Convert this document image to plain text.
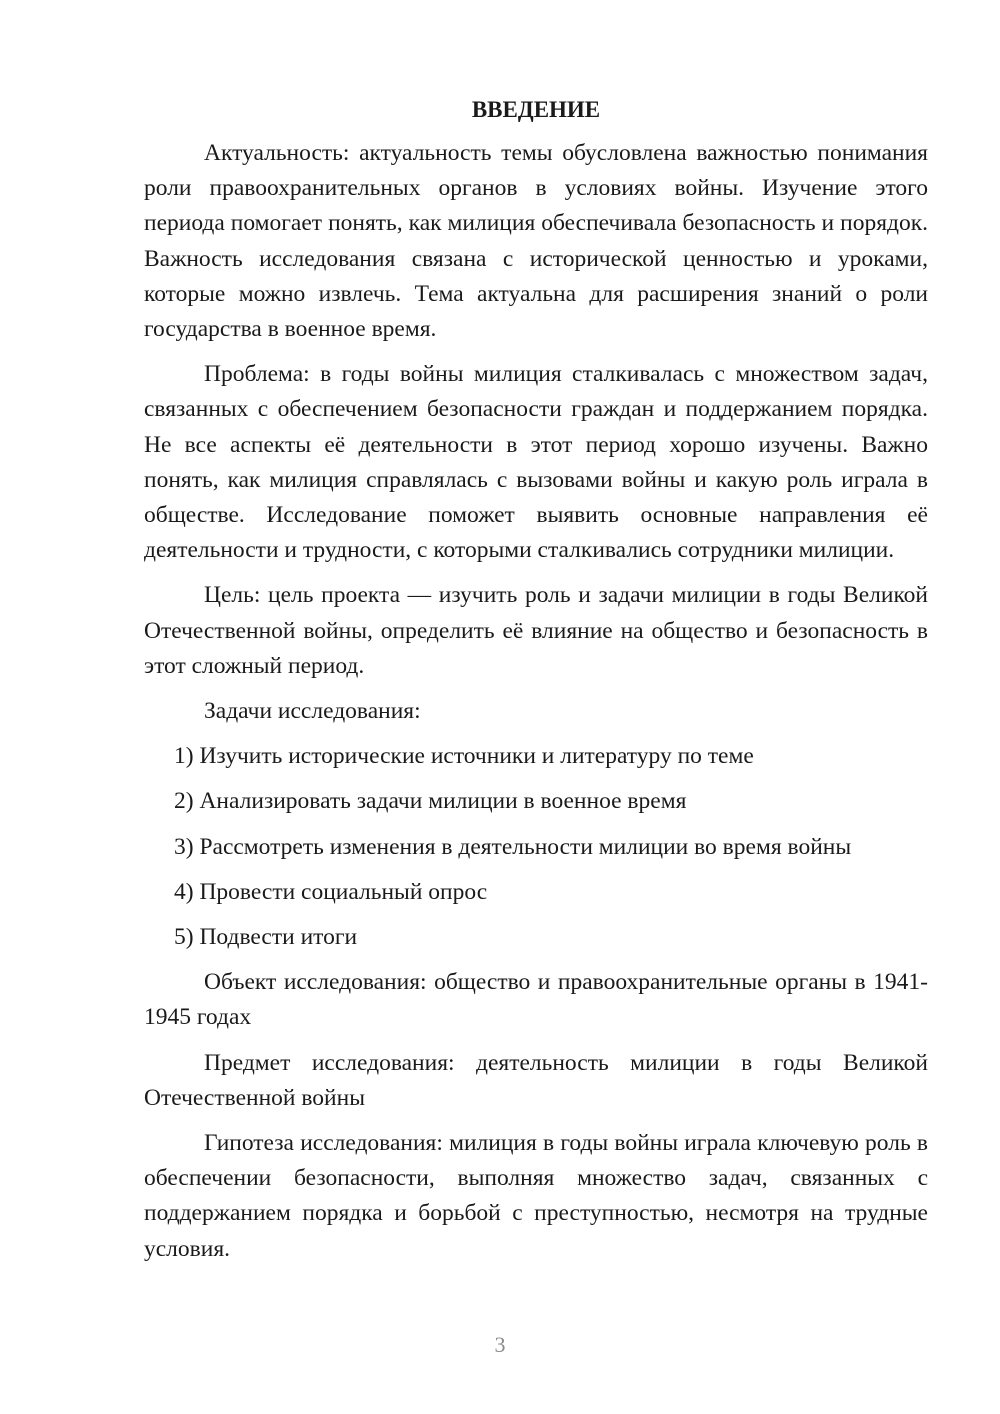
ВВЕДЕНИЕ

Актуальность: актуальность темы обусловлена важностью понимания роли правоохранительных органов в условиях войны. Изучение этого периода помогает понять, как милиция обеспечивала безопасность и порядок. Важность исследования связана с исторической ценностью и уроками, которые можно извлечь. Тема актуальна для расширения знаний о роли государства в военное время.

Проблема: в годы войны милиция сталкивалась с множеством задач, связанных с обеспечением безопасности граждан и поддержанием порядка. Не все аспекты её деятельности в этот период хорошо изучены. Важно понять, как милиция справлялась с вызовами войны и какую роль играла в обществе. Исследование поможет выявить основные направления её деятельности и трудности, с которыми сталкивались сотрудники милиции.

Цель: цель проекта — изучить роль и задачи милиции в годы Великой Отечественной войны, определить её влияние на общество и безопасность в этот сложный период.

Задачи исследования:

1) Изучить исторические источники и литературу по теме
2) Анализировать задачи милиции в военное время
3) Рассмотреть изменения в деятельности милиции во время войны
4) Провести социальный опрос
5) Подвести итоги

Объект исследования: общество и правоохранительные органы в 1941-1945 годах

Предмет исследования: деятельность милиции в годы Великой Отечественной войны

Гипотеза исследования: милиция в годы войны играла ключевую роль в обеспечении безопасности, выполняя множество задач, связанных с поддержанием порядка и борьбой с преступностью, несмотря на трудные условия.

3
